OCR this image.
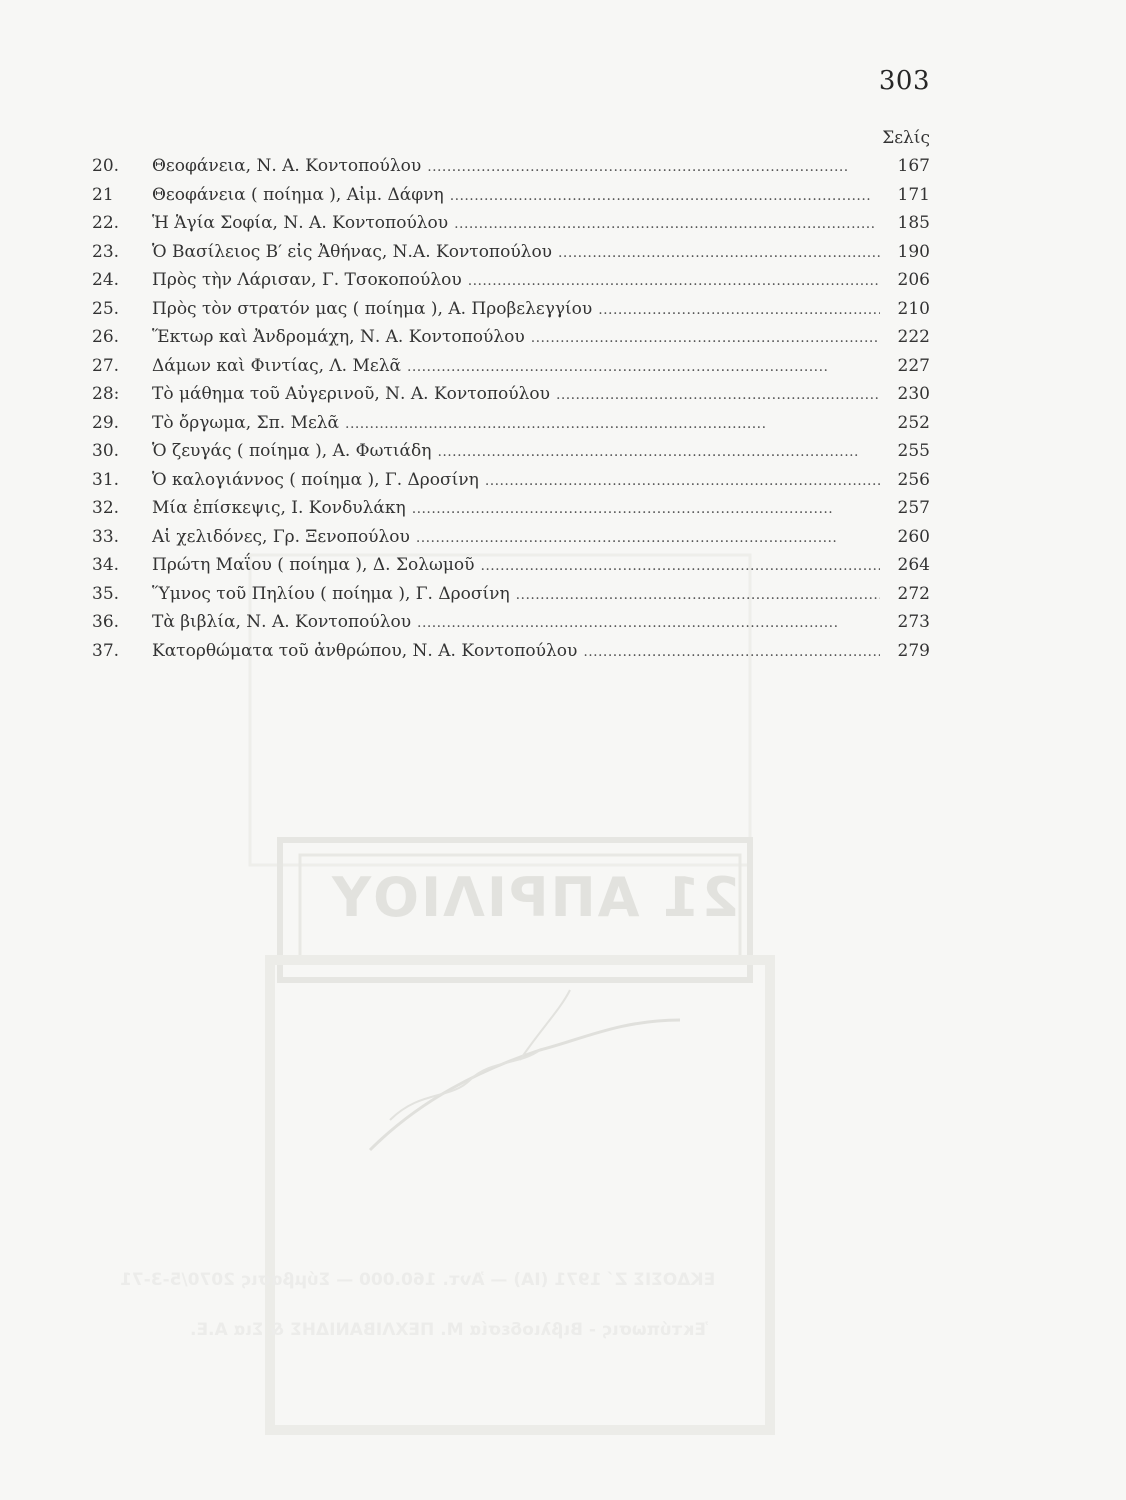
21 ΑΠΡΙΛΙΟΥ
ΕΚΔΟΣΙΣ Ζ΄ 1971 (ΙΑ) — Ἀντ. 160.000 — Σύμβασις 2070/5-3-71
Ἐκτύπωσις - Βιβλιοδεσία Μ. ΠΕΧΛΙΒΑΝΙΔΗΣ & Σια Α.Ε.
303
Σελίς
20.	Θεοφάνεια, Ν. Α. Κοντοπούλου . . .	167
21	Θεοφάνεια ( ποίημα ), Αἰμ. Δάφνη . . .	171
22.	Ἡ Ἁγία Σοφία, Ν. Α. Κοντοπούλου . . .	185
23.	Ὁ Βασίλειος Β′ εἰς Ἀθήνας, Ν.Α. Κοντοπούλου . . .	190
24.	Πρὸς τὴν Λάρισαν, Γ. Τσοκοπούλου . . .	206
25.	Πρὸς τὸν στρατόν μας ( ποίημα ), Α. Προβελεγγίου . . .	210
26.	Ἕκτωρ καὶ Ἀνδρομάχη, Ν. Α. Κοντοπούλου . . .	222
27.	Δάμων καὶ Φιντίας, Λ. Μελᾶ . . .	227
28:	Τὸ μάθημα τοῦ Αὐγερινοῦ, Ν. Α. Κοντοπούλου . . .	230
29.	Τὸ ὄργωμα, Σπ. Μελᾶ . . .	252
30.	Ὁ ζευγάς ( ποίημα ), Α. Φωτιάδη . . .	255
31.	Ὁ καλογιάννος ( ποίημα ), Γ. Δροσίνη . . .	256
32.	Μία ἐπίσκεψις, Ι. Κονδυλάκη . . .	257
33.	Αἱ χελιδόνες, Γρ. Ξενοπούλου . . .	260
34.	Πρώτη Μαΐου ( ποίημα ), Δ. Σολωμοῦ . . .	264
35.	Ὕμνος τοῦ Πηλίου ( ποίημα ), Γ. Δροσίνη . . .	272
36.	Τὰ βιβλία, Ν. Α. Κοντοπούλου . . .	273
37.	Κατορθώματα τοῦ ἀνθρώπου, Ν. Α. Κοντοπούλου . . .	279
